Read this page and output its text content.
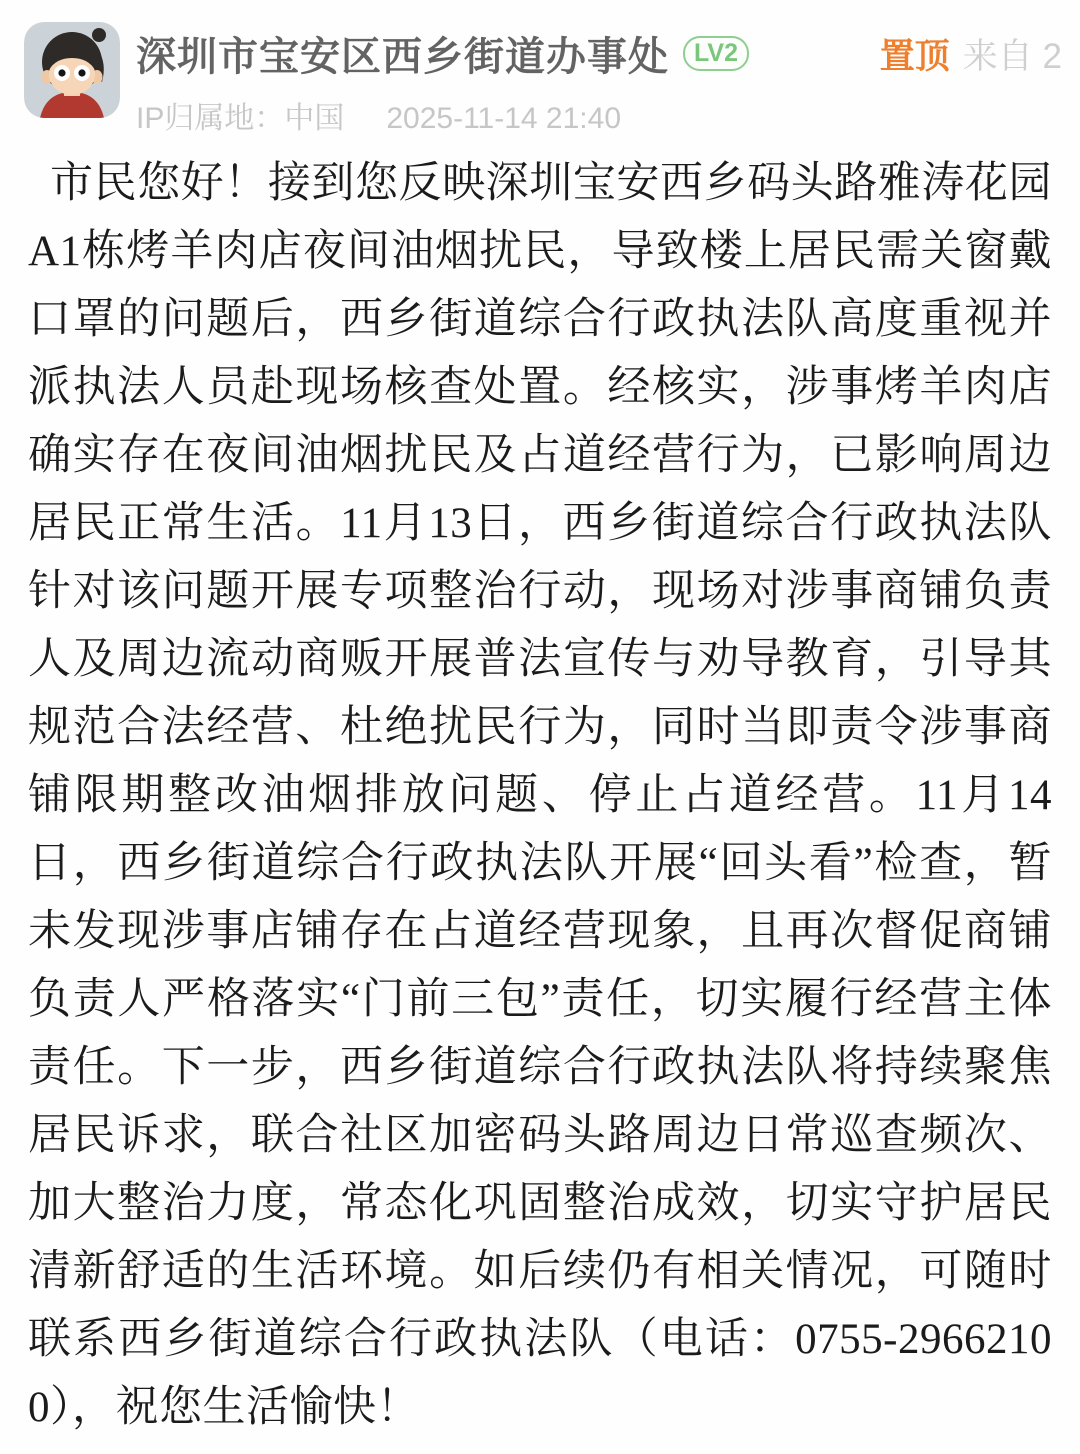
深圳市宝安区西乡街道办事处	LV2
IP归属地：中国 2025-11-14 21:40
置顶 来自 2
市民您好！接到您反映深圳宝安西乡码头路雅涛花园A1栋烤羊肉店夜间油烟扰民，导致楼上居民需关窗戴口罩的问题后，西乡街道综合行政执法队高度重视并派执法人员赴现场核查处置。经核实，涉事烤羊肉店确实存在夜间油烟扰民及占道经营行为，已影响周边居民正常生活。11月13日，西乡街道综合行政执法队针对该问题开展专项整治行动，现场对涉事商铺负责人及周边流动商贩开展普法宣传与劝导教育，引导其规范合法经营、杜绝扰民行为，同时当即责令涉事商铺限期整改油烟排放问题、停止占道经营。11月14日，西乡街道综合行政执法队开展“回头看”检查，暂未发现涉事店铺存在占道经营现象，且再次督促商铺负责人严格落实“门前三包”责任，切实履行经营主体责任。下一步，西乡街道综合行政执法队将持续聚焦居民诉求，联合社区加密码头路周边日常巡查频次、加大整治力度，常态化巩固整治成效，切实守护居民清新舒适的生活环境。如后续仍有相关情况，可随时联系西乡街道综合行政执法队（电话：0755-29662100），祝您生活愉快！
